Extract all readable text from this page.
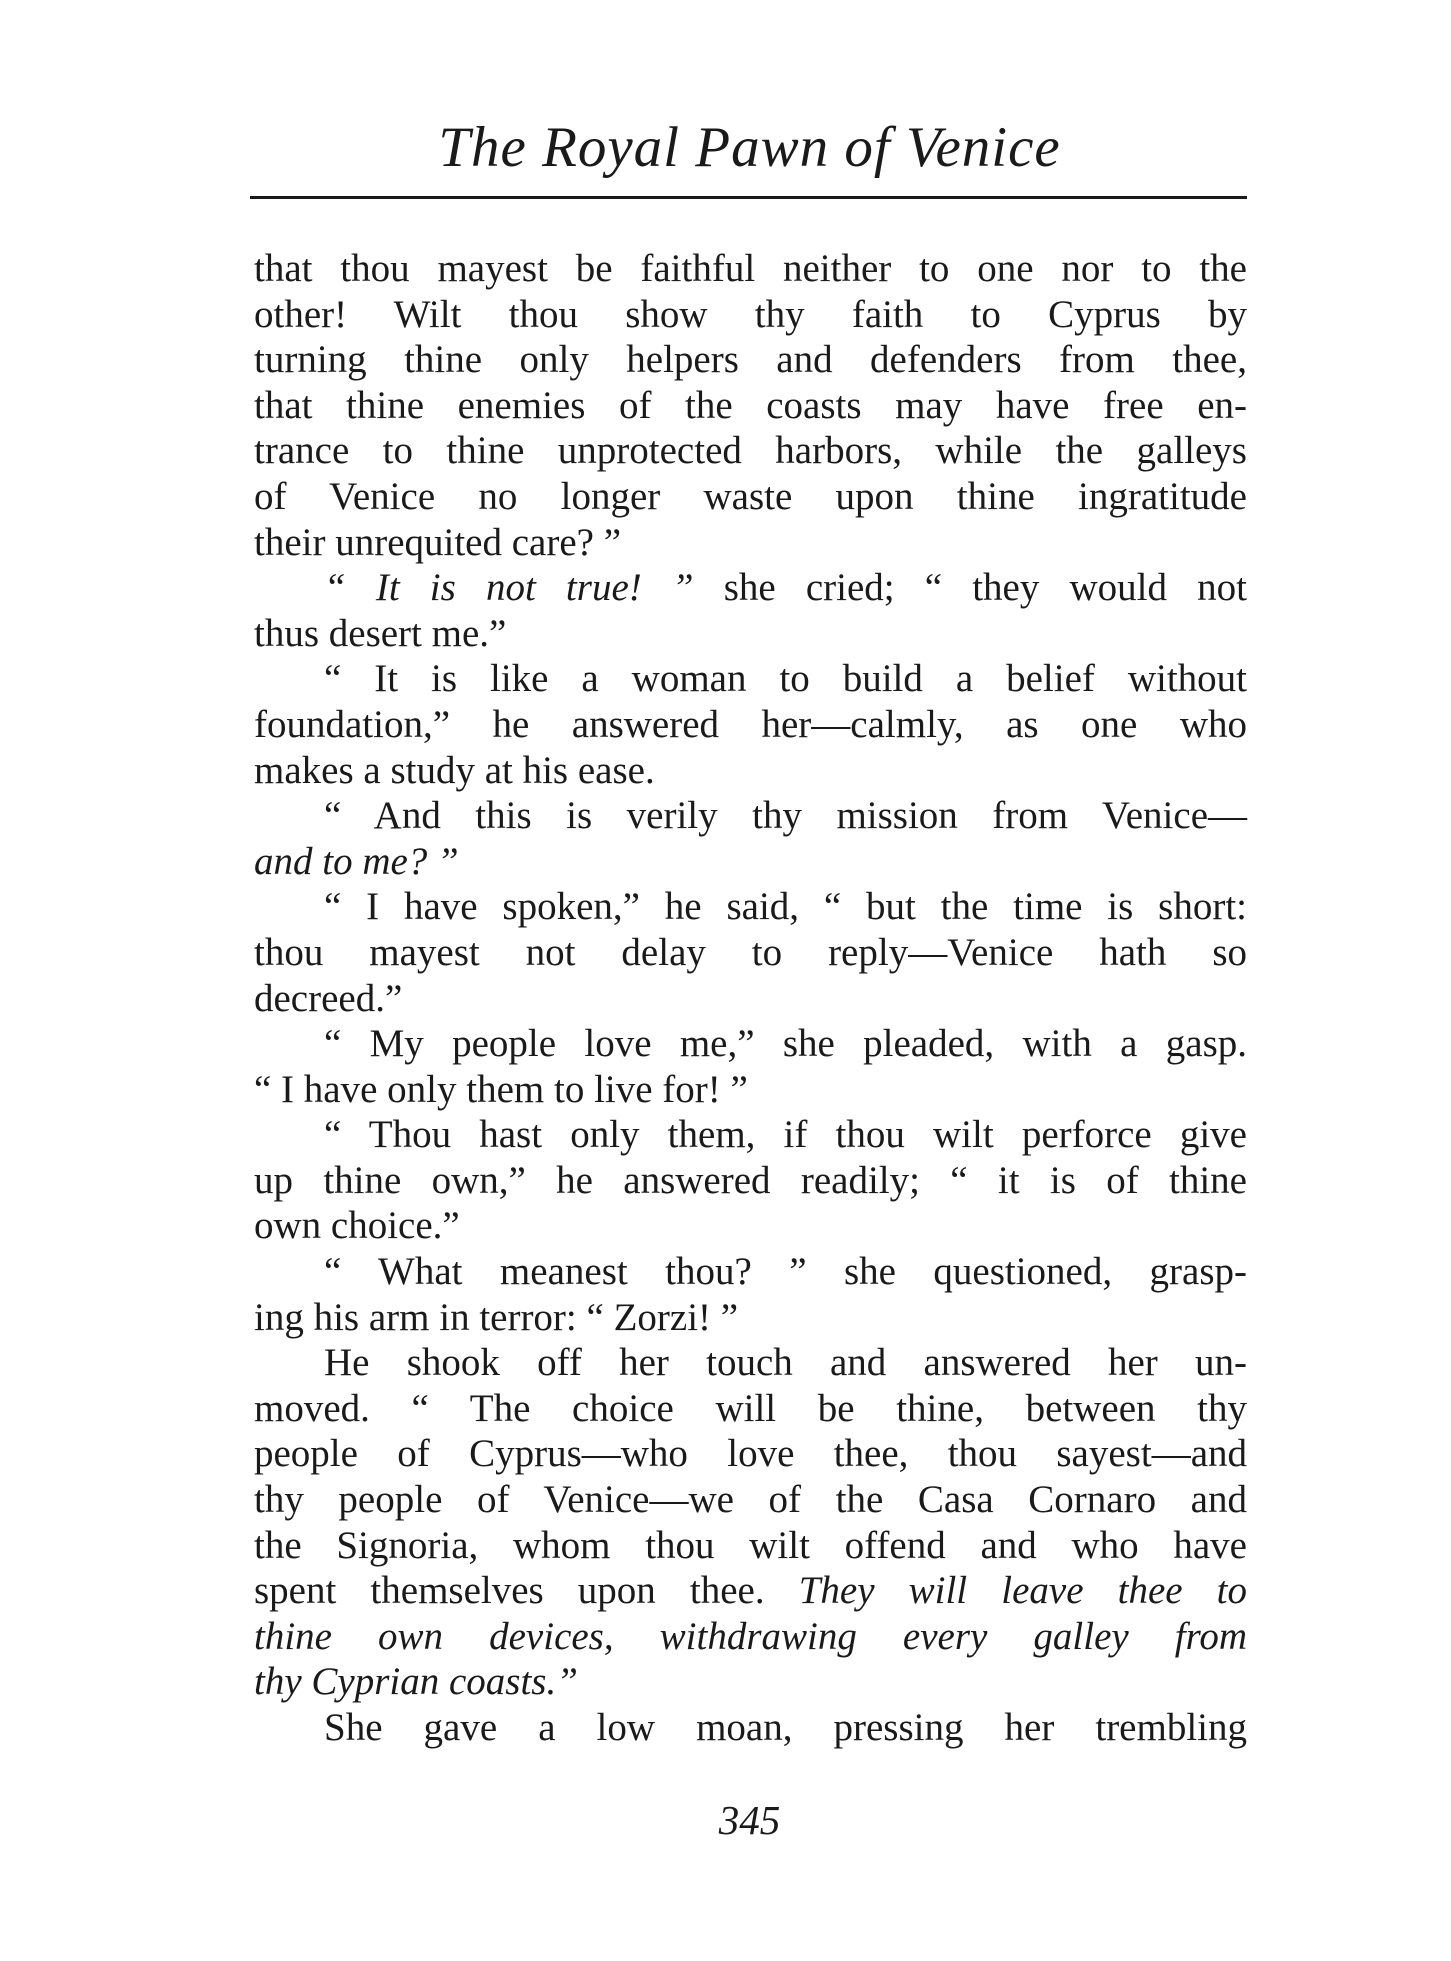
The Royal Pawn of Venice
that thou mayest be faithful neither to one nor to the
other! Wilt thou show thy faith to Cyprus by
turning thine only helpers and defenders from thee,
that thine enemies of the coasts may have free en-
trance to thine unprotected harbors, while the galleys
of Venice no longer waste upon thine ingratitude
their unrequited care? ”
“ It is not true! ” she cried; “ they would not
thus desert me.”
“ It is like a woman to build a belief without
foundation,” he answered her—calmly, as one who
makes a study at his ease.
“ And this is verily thy mission from Venice—
and to me? ”
“ I have spoken,” he said, “ but the time is short:
thou mayest not delay to reply—Venice hath so
decreed.”
“ My people love me,” she pleaded, with a gasp.
“ I have only them to live for! ”
“ Thou hast only them, if thou wilt perforce give
up thine own,” he answered readily; “ it is of thine
own choice.”
“ What meanest thou? ” she questioned, grasp-
ing his arm in terror: “ Zorzi! ”
He shook off her touch and answered her un-
moved. “ The choice will be thine, between thy
people of Cyprus—who love thee, thou sayest—and
thy people of Venice—we of the Casa Cornaro and
the Signoria, whom thou wilt offend and who have
spent themselves upon thee. They will leave thee to
thine own devices, withdrawing every galley from
thy Cyprian coasts.”
She gave a low moan, pressing her trembling
345
